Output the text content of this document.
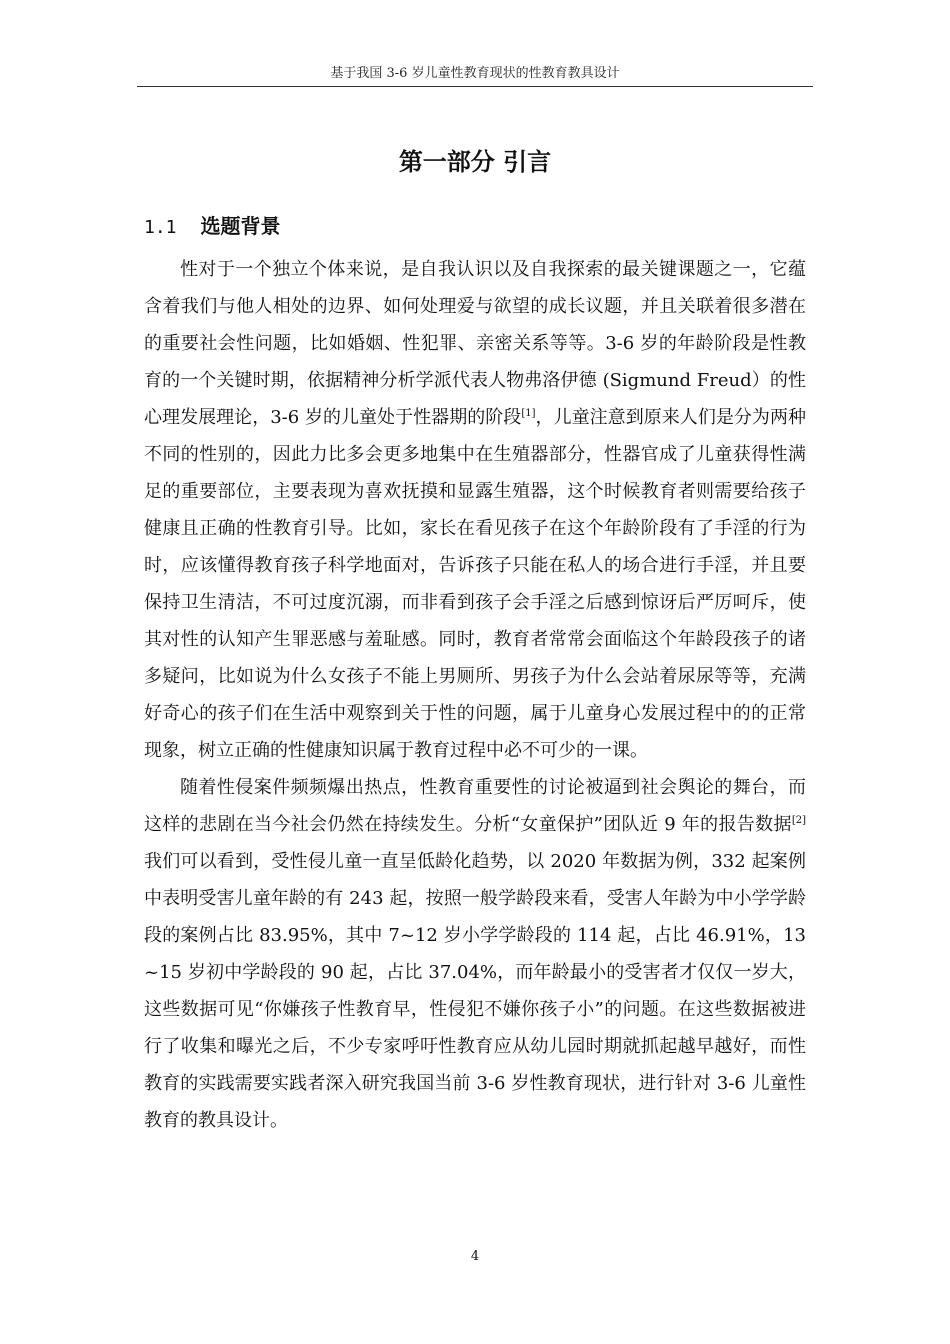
基于我国 3-6 岁儿童性教育现状的性教育教具设计
第一部分 引言
1.1 选题背景

性对于一个独立个体来说，是自我认识以及自我探索的最关键课题之一，它蕴含着我们与他人相处的边界、如何处理爱与欲望的成长议题，并且关联着很多潜在的重要社会性问题，比如婚姻、性犯罪、亲密关系等等。3-6 岁的年龄阶段是性教育的一个关键时期，依据精神分析学派代表人物弗洛伊德 (Sigmund Freud）的性心理发展理论，3-6 岁的儿童处于性器期的阶段[1]，儿童注意到原来人们是分为两种不同的性别的，因此力比多会更多地集中在生殖器部分，性器官成了儿童获得性满足的重要部位，主要表现为喜欢抚摸和显露生殖器，这个时候教育者则需要给孩子健康且正确的性教育引导。比如，家长在看见孩子在这个年龄阶段有了手淫的行为时，应该懂得教育孩子科学地面对，告诉孩子只能在私人的场合进行手淫，并且要保持卫生清洁，不可过度沉溺，而非看到孩子会手淫之后感到惊讶后严厉呵斥，使其对性的认知产生罪恶感与羞耻感。同时，教育者常常会面临这个年龄段孩子的诸多疑问，比如说为什么女孩子不能上男厕所、男孩子为什么会站着尿尿等等，充满好奇心的孩子们在生活中观察到关于性的问题，属于儿童身心发展过程中的的正常现象，树立正确的性健康知识属于教育过程中必不可少的一课。

随着性侵案件频频爆出热点，性教育重要性的讨论被逼到社会舆论的舞台，而这样的悲剧在当今社会仍然在持续发生。分析“女童保护”团队近 9 年的报告数据[2]我们可以看到，受性侵儿童一直呈低龄化趋势，以 2020 年数据为例，332 起案例中表明受害儿童年龄的有 243 起，按照一般学龄段来看，受害人年龄为中小学学龄段的案例占比 83.95%，其中 7~12 岁小学学龄段的 114 起，占比 46.91%，13~15 岁初中学龄段的 90 起，占比 37.04%，而年龄最小的受害者才仅仅一岁大，这些数据可见“你嫌孩子性教育早，性侵犯不嫌你孩子小”的问题。在这些数据被进行了收集和曝光之后，不少专家呼吁性教育应从幼儿园时期就抓起越早越好，而性教育的实践需要实践者深入研究我国当前 3-6 岁性教育现状，进行针对 3-6 儿童性教育的教具设计。

4
